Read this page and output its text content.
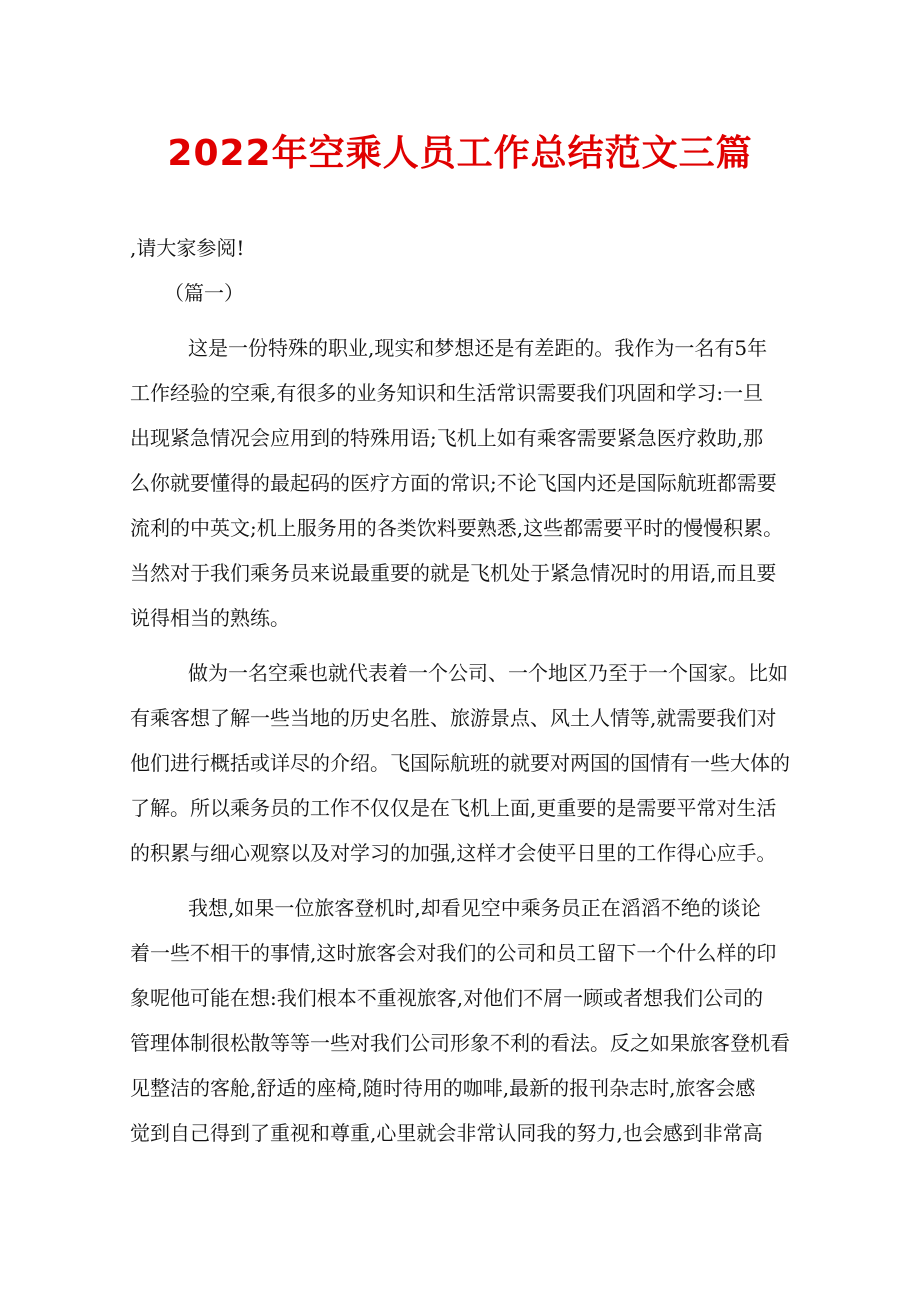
2022年空乘人员工作总结范文三篇
,请大家参阅!
（篇一）
这是一份特殊的职业,现实和梦想还是有差距的。我作为一名有5年
工作经验的空乘,有很多的业务知识和生活常识需要我们巩固和学习:一旦
出现紧急情况会应用到的特殊用语;飞机上如有乘客需要紧急医疗救助,那
么你就要懂得的最起码的医疗方面的常识;不论飞国内还是国际航班都需要
流利的中英文;机上服务用的各类饮料要熟悉,这些都需要平时的慢慢积累。
当然对于我们乘务员来说最重要的就是飞机处于紧急情况时的用语,而且要
说得相当的熟练。
做为一名空乘也就代表着一个公司、一个地区乃至于一个国家。比如
有乘客想了解一些当地的历史名胜、旅游景点、风土人情等,就需要我们对
他们进行概括或详尽的介绍。飞国际航班的就要对两国的国情有一些大体的
了解。所以乘务员的工作不仅仅是在飞机上面,更重要的是需要平常对生活
的积累与细心观察以及对学习的加强,这样才会使平日里的工作得心应手。
我想,如果一位旅客登机时,却看见空中乘务员正在滔滔不绝的谈论
着一些不相干的事情,这时旅客会对我们的公司和员工留下一个什么样的印
象呢他可能在想:我们根本不重视旅客,对他们不屑一顾或者想我们公司的
管理体制很松散等等一些对我们公司形象不利的看法。反之如果旅客登机看
见整洁的客舱,舒适的座椅,随时待用的咖啡,最新的报刊杂志时,旅客会感
觉到自己得到了重视和尊重,心里就会非常认同我的努力,也会感到非常高
